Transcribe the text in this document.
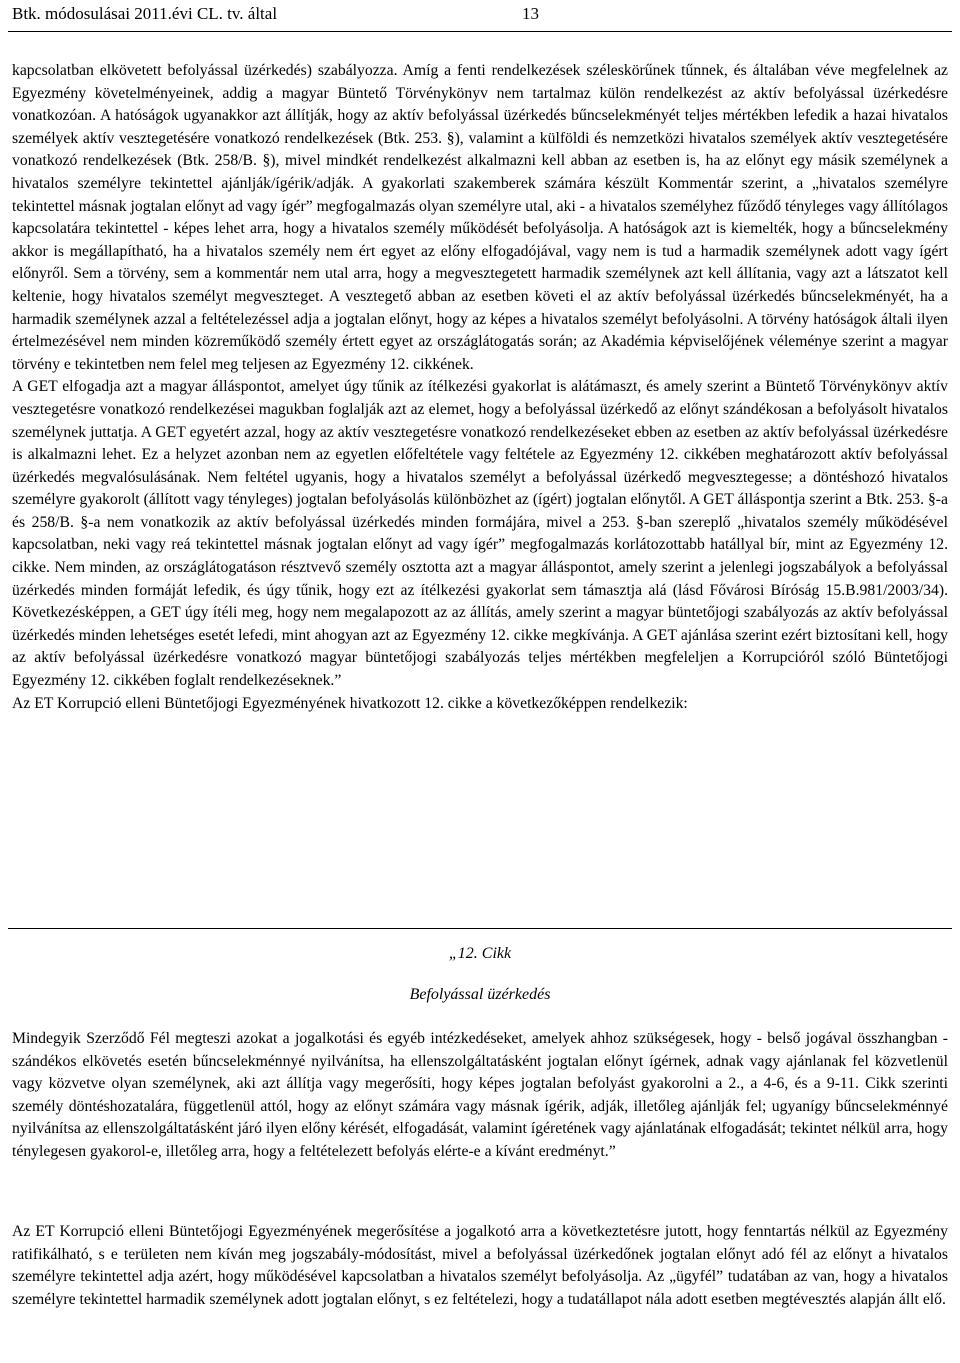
Btk. módosulásai 2011.évi CL. tv. által	13

kapcsolatban elkövetett befolyással üzérkedés) szabályozza. Amíg a fenti rendelkezések széleskörűnek tűnnek, és általában véve megfelelnek az Egyezmény követelményeinek, addig a magyar Büntető Törvénykönyv nem tartalmaz külön rendelkezést az aktív befolyással üzérkedésre vonatkozóan. A hatóságok ugyanakkor azt állítják, hogy az aktív befolyással üzérkedés bűncselekményét teljes mértékben lefedik a hazai hivatalos személyek aktív vesztegetésére vonatkozó rendelkezések (Btk. 253. §), valamint a külföldi és nemzetközi hivatalos személyek aktív vesztegetésére vonatkozó rendelkezések (Btk. 258/B. §), mivel mindkét rendelkezést alkalmazni kell abban az esetben is, ha az előnyt egy másik személynek a hivatalos személyre tekintettel ajánlják/ígérik/adják. A gyakorlati szakemberek számára készült Kommentár szerint, a „hivatalos személyre tekintettel másnak jogtalan előnyt ad vagy ígér” megfogalmazás olyan személyre utal, aki - a hivatalos személyhez fűződő tényleges vagy állítólagos kapcsolatára tekintettel - képes lehet arra, hogy a hivatalos személy működését befolyásolja. A hatóságok azt is kiemelték, hogy a bűncselekmény akkor is megállapítható, ha a hivatalos személy nem ért egyet az előny elfogadójával, vagy nem is tud a harmadik személynek adott vagy ígért előnyről. Sem a törvény, sem a kommentár nem utal arra, hogy a megvesztegetett harmadik személynek azt kell állítania, vagy azt a látszatot kell keltenie, hogy hivatalos személyt megveszteget. A vesztegető abban az esetben követi el az aktív befolyással üzérkedés bűncselekményét, ha a harmadik személynek azzal a feltételezéssel adja a jogtalan előnyt, hogy az képes a hivatalos személyt befolyásolni. A törvény hatóságok általi ilyen értelmezésével nem minden közreműködő személy értett egyet az országlátogatás során; az Akadémia képviselőjének véleménye szerint a magyar törvény e tekintetben nem felel meg teljesen az Egyezmény 12. cikkének.

A GET elfogadja azt a magyar álláspontot, amelyet úgy tűnik az ítélkezési gyakorlat is alátámaszt, és amely szerint a Büntető Törvénykönyv aktív vesztegetésre vonatkozó rendelkezései magukban foglalják azt az elemet, hogy a befolyással üzérkedő az előnyt szándékosan a befolyásolt hivatalos személynek juttatja. A GET egyetért azzal, hogy az aktív vesztegetésre vonatkozó rendelkezéseket ebben az esetben az aktív befolyással üzérkedésre is alkalmazni lehet. Ez a helyzet azonban nem az egyetlen előfeltétele vagy feltétele az Egyezmény 12. cikkében meghatározott aktív befolyással üzérkedés megvalósulásának. Nem feltétel ugyanis, hogy a hivatalos személyt a befolyással üzérkedő megvesztegesse; a döntéshozó hivatalos személyre gyakorolt (állított vagy tényleges) jogtalan befolyásolás különbözhet az (ígért) jogtalan előnytől. A GET álláspontja szerint a Btk. 253. §-a és 258/B. §-a nem vonatkozik az aktív befolyással üzérkedés minden formájára, mivel a 253. §-ban szereplő „hivatalos személy működésével kapcsolatban, neki vagy reá tekintettel másnak jogtalan előnyt ad vagy ígér” megfogalmazás korlátozottabb hatállyal bír, mint az Egyezmény 12. cikke. Nem minden, az országlátogatáson résztvevő személy osztotta azt a magyar álláspontot, amely szerint a jelenlegi jogszabályok a befolyással üzérkedés minden formáját lefedik, és úgy tűnik, hogy ezt az ítélkezési gyakorlat sem támasztja alá (lásd Fővárosi Bíróság 15.B.981/2003/34). Következésképpen, a GET úgy ítéli meg, hogy nem megalapozott az az állítás, amely szerint a magyar büntetőjogi szabályozás az aktív befolyással üzérkedés minden lehetséges esetét lefedi, mint ahogyan azt az Egyezmény 12. cikke megkívánja. A GET ajánlása szerint ezért biztosítani kell, hogy az aktív befolyással üzérkedésre vonatkozó magyar büntetőjogi szabályozás teljes mértékben megfeleljen a Korrupcióról szóló Büntetőjogi Egyezmény 12. cikkében foglalt rendelkezéseknek.”

Az ET Korrupció elleni Büntetőjogi Egyezményének hivatkozott 12. cikke a következőképpen rendelkezik:

„12. Cikk

Befolyással üzérkedés

Mindegyik Szerződő Fél megteszi azokat a jogalkotási és egyéb intézkedéseket, amelyek ahhoz szükségesek, hogy - belső jogával összhangban - szándékos elkövetés esetén bűncselekménnyé nyilvánítsa, ha ellenszolgáltatásként jogtalan előnyt ígérnek, adnak vagy ajánlanak fel közvetlenül vagy közvetve olyan személynek, aki azt állítja vagy megerősíti, hogy képes jogtalan befolyást gyakorolni a 2., a 4-6, és a 9-11. Cikk szerinti személy döntéshozatalára, függetlenül attól, hogy az előnyt számára vagy másnak ígérik, adják, illetőleg ajánlják fel; ugyanígy bűncselekménnyé nyilvánítsa az ellenszolgáltatásként járó ilyen előny kérését, elfogadását, valamint ígéretének vagy ajánlatának elfogadását; tekintet nélkül arra, hogy ténylegesen gyakorol-e, illetőleg arra, hogy a feltételezett befolyás elérte-e a kívánt eredményt.”

Az ET Korrupció elleni Büntetőjogi Egyezményének megerősítése a jogalkotó arra a következtetésre jutott, hogy fenntartás nélkül az Egyezmény ratifikálható, s e területen nem kíván meg jogszabály-módosítást, mivel a befolyással üzérkedőnek jogtalan előnyt adó fél az előnyt a hivatalos személyre tekintettel adja azért, hogy működésével kapcsolatban a hivatalos személyt befolyásolja. Az „ügyfél” tudatában az van, hogy a hivatalos személyre tekintettel harmadik személynek adott jogtalan előnyt, s ez feltételezi, hogy a tudatállapot nála adott esetben megtévesztés alapján állt elő.
